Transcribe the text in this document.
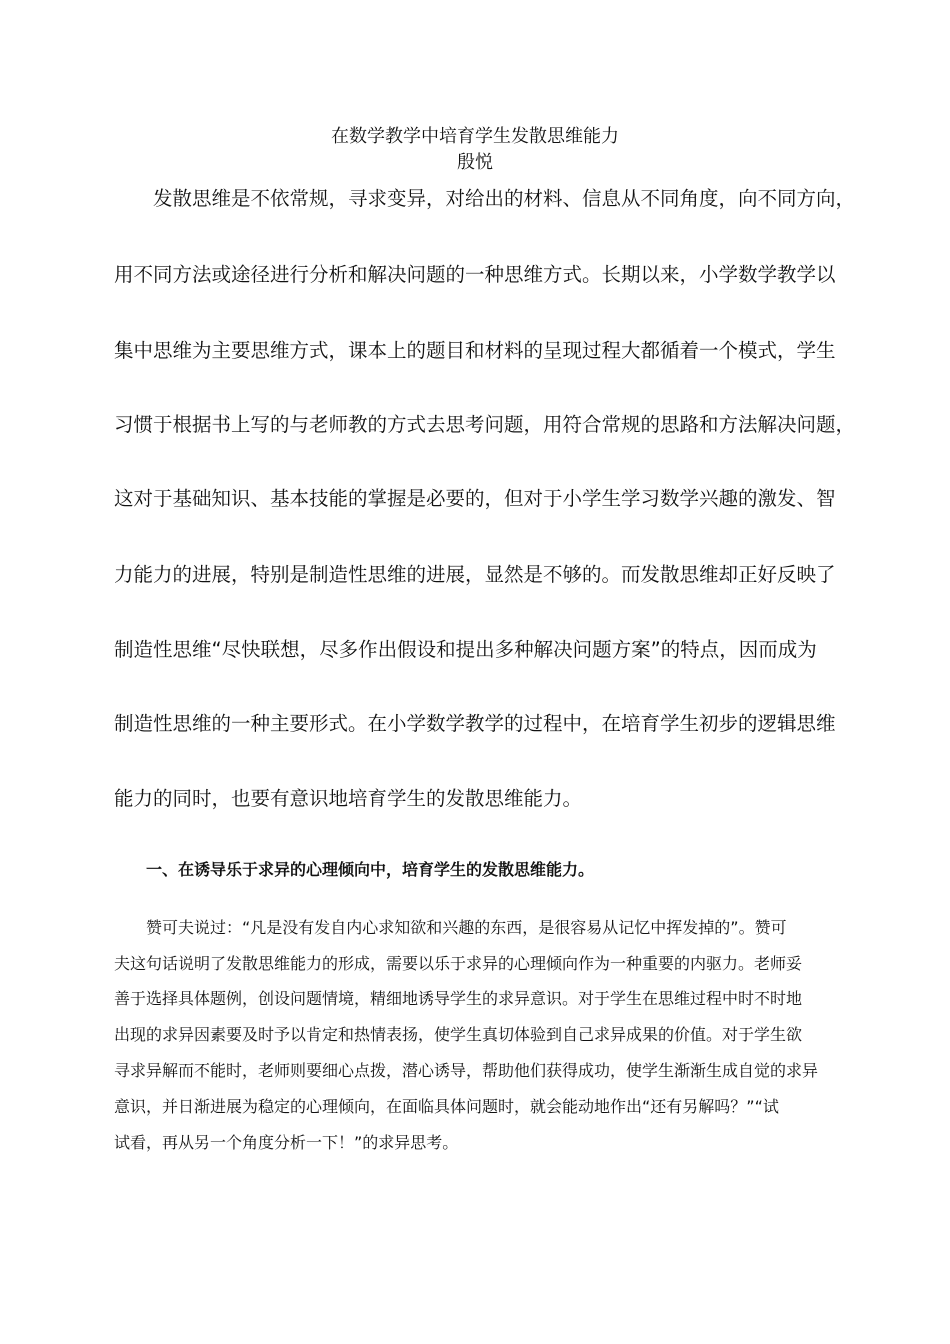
在数学教学中培育学生发散思维能力
殷悦
　　发散思维是不依常规，寻求变异，对给出的材料、信息从不同角度，向不同方向，
用不同方法或途径进行分析和解决问题的一种思维方式。长期以来，小学数学教学以
集中思维为主要思维方式，课本上的题目和材料的呈现过程大都循着一个模式，学生
习惯于根据书上写的与老师教的方式去思考问题，用符合常规的思路和方法解决问题，
这对于基础知识、基本技能的掌握是必要的，但对于小学生学习数学兴趣的激发、智
力能力的进展，特别是制造性思维的进展，显然是不够的。而发散思维却正好反映了
制造性思维“尽快联想，尽多作出假设和提出多种解决问题方案”的特点，因而成为
制造性思维的一种主要形式。在小学数学教学的过程中，在培育学生初步的逻辑思维
能力的同时，也要有意识地培育学生的发散思维能力。
一、在诱导乐于求异的心理倾向中，培育学生的发散思维能力。
　　赞可夫说过：“凡是没有发自内心求知欲和兴趣的东西，是很容易从记忆中挥发掉的”。赞可
夫这句话说明了发散思维能力的形成，需要以乐于求异的心理倾向作为一种重要的内驱力。老师妥
善于选择具体题例，创设问题情境，精细地诱导学生的求异意识。对于学生在思维过程中时不时地
出现的求异因素要及时予以肯定和热情表扬，使学生真切体验到自己求异成果的价值。对于学生欲
寻求异解而不能时，老师则要细心点拨，潜心诱导，帮助他们获得成功，使学生渐渐生成自觉的求异
意识，并日渐进展为稳定的心理倾向，在面临具体问题时，就会能动地作出“还有另解吗？”“试
试看，再从另一个角度分析一下！”的求异思考。
